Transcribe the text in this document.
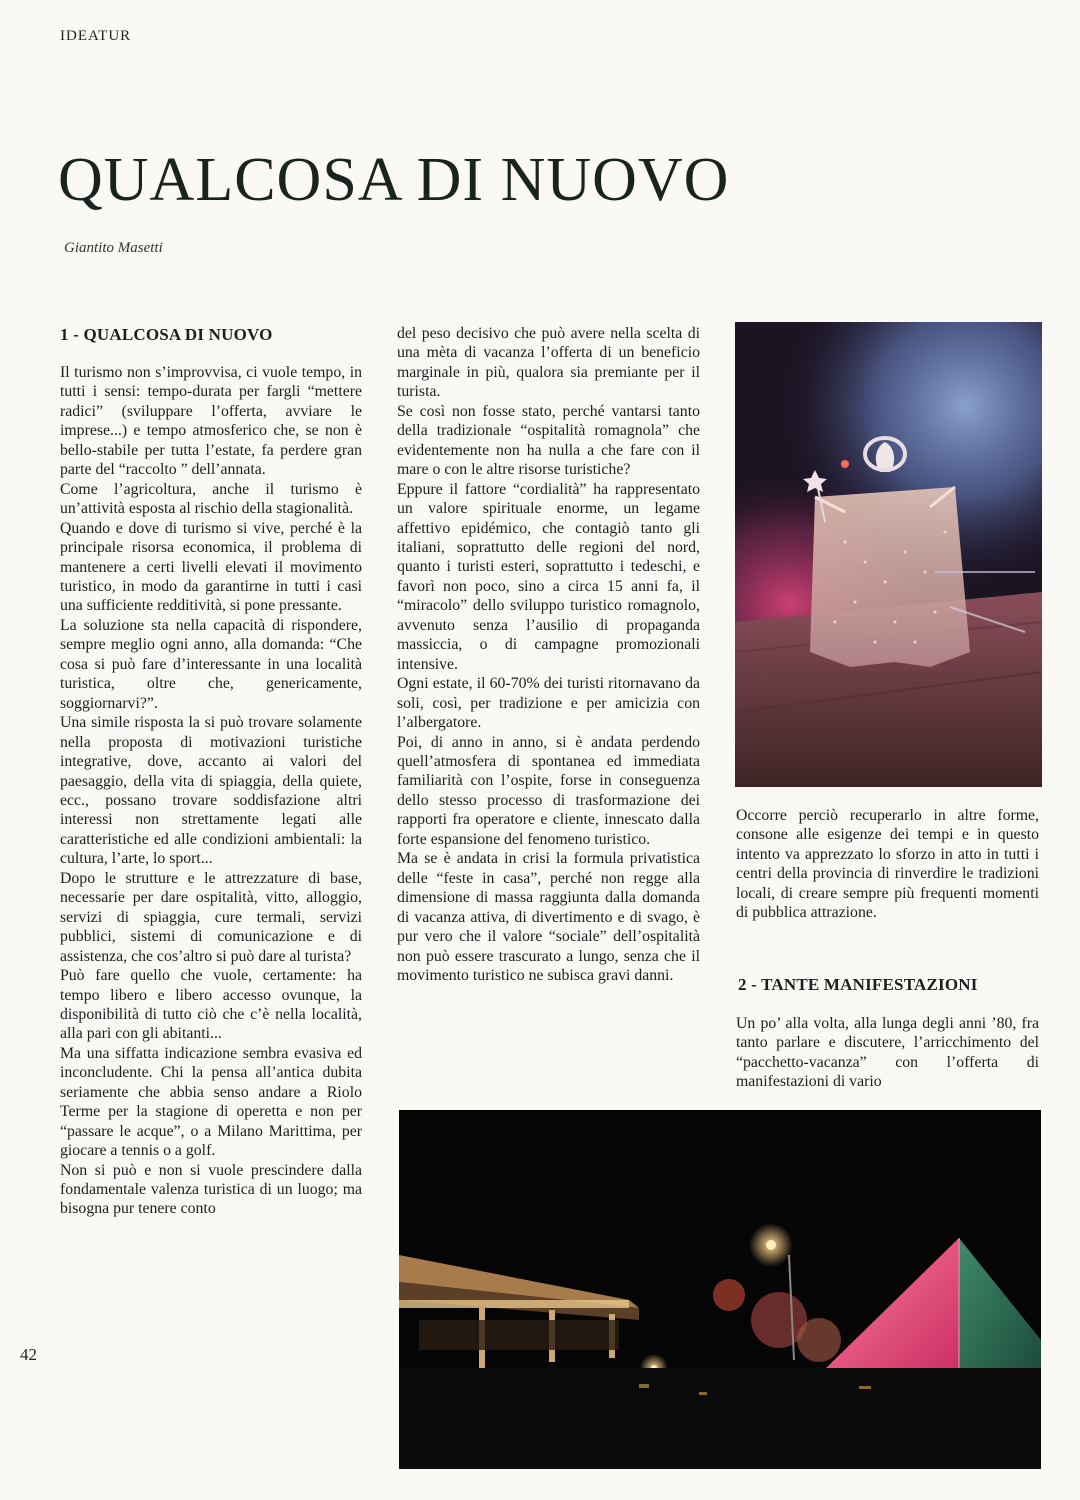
IDEATUR
QUALCOSA DI NUOVO
Giantito Masetti
1 - QUALCOSA DI NUOVO

Il turismo non s’improvvisa, ci vuole tempo, in tutti i sensi: tempo-durata per fargli “mettere radici” (sviluppare l’offerta, avviare le imprese...) e tempo atmosferico che, se non è bello-stabile per tutta l’estate, fa perdere gran parte del “raccolto ” dell’annata.

Come l’agricoltura, anche il turismo è un’attività esposta al rischio della stagionalità.

Quando e dove di turismo si vive, perché è la principale risorsa economica, il problema di mantenere a certi livelli elevati il movimento turistico, in modo da garantirne in tutti i casi una sufficiente redditività, si pone pressante.

La soluzione sta nella capacità di rispondere, sempre meglio ogni anno, alla domanda: “Che cosa si può fare d’interessante in una località turistica, oltre che, genericamente, soggiornarvi?”.

Una simile risposta la si può trovare solamente nella proposta di motivazioni turistiche integrative, dove, accanto ai valori del paesaggio, della vita di spiaggia, della quiete, ecc., possano trovare soddisfazione altri interessi non strettamente legati alle caratteristiche ed alle condizioni ambientali: la cultura, l’arte, lo sport...

Dopo le strutture e le attrezzature di base, necessarie per dare ospitalità, vitto, alloggio, servizi di spiaggia, cure termali, servizi pubblici, sistemi di comunicazione e di assistenza, che cos’altro si può dare al turista?

Può fare quello che vuole, certamente: ha tempo libero e libero accesso ovunque, la disponibilità di tutto ciò che c’è nella località, alla pari con gli abitanti...

Ma una siffatta indicazione sembra evasiva ed inconcludente. Chi la pensa all’antica dubita seriamente che abbia senso andare a Riolo Terme per la stagione di operetta e non per “passare le acque”, o a Milano Marittima, per giocare a tennis o a golf.

Non si può e non si vuole prescindere dalla fondamentale valenza turistica di un luogo; ma bisogna pur tenere conto

del peso decisivo che può avere nella scelta di una mèta di vacanza l’offerta di un beneficio marginale in più, qualora sia premiante per il turista.

Se così non fosse stato, perché vantarsi tanto della tradizionale “ospitalità romagnola” che evidentemente non ha nulla a che fare con il mare o con le altre risorse turistiche?

Eppure il fattore “cordialità” ha rappresentato un valore spirituale enorme, un legame affettivo epidémico, che contagiò tanto gli italiani, soprattutto delle regioni del nord, quanto i turisti esteri, soprattutto i tedeschi, e favorì non poco, sino a circa 15 anni fa, il “miracolo” dello sviluppo turistico romagnolo, avvenuto senza l’ausilio di propaganda massiccia, o di campagne promozionali intensive.

Ogni estate, il 60-70% dei turisti ritornavano da soli, così, per tradizione e per amicizia con l’albergatore.

Poi, di anno in anno, si è andata perdendo quell’atmosfera di spontanea ed immediata familiarità con l’ospite, forse in conseguenza dello stesso processo di trasformazione dei rapporti fra operatore e cliente, innescato dalla forte espansione del fenomeno turistico.

Ma se è andata in crisi la formula privatistica delle “feste in casa”, perché non regge alla dimensione di massa raggiunta dalla domanda di vacanza attiva, di divertimento e di svago, è pur vero che il valore “sociale” dell’ospitalità non può essere trascurato a lungo, senza che il movimento turistico ne subisca gravi danni.

Occorre perciò recuperarlo in altre forme, consone alle esigenze dei tempi e in questo intento va apprezzato lo sforzo in atto in tutti i centri della provincia di rinverdire le tradizioni locali, di creare sempre più frequenti momenti di pubblica attrazione.

2 - TANTE MANIFESTAZIONI

Un po’ alla volta, alla lunga degli anni ’80, fra tanto parlare e discutere, l’arricchimento del “pacchetto-vacanza” con l’offerta di manifestazioni di vario

42
